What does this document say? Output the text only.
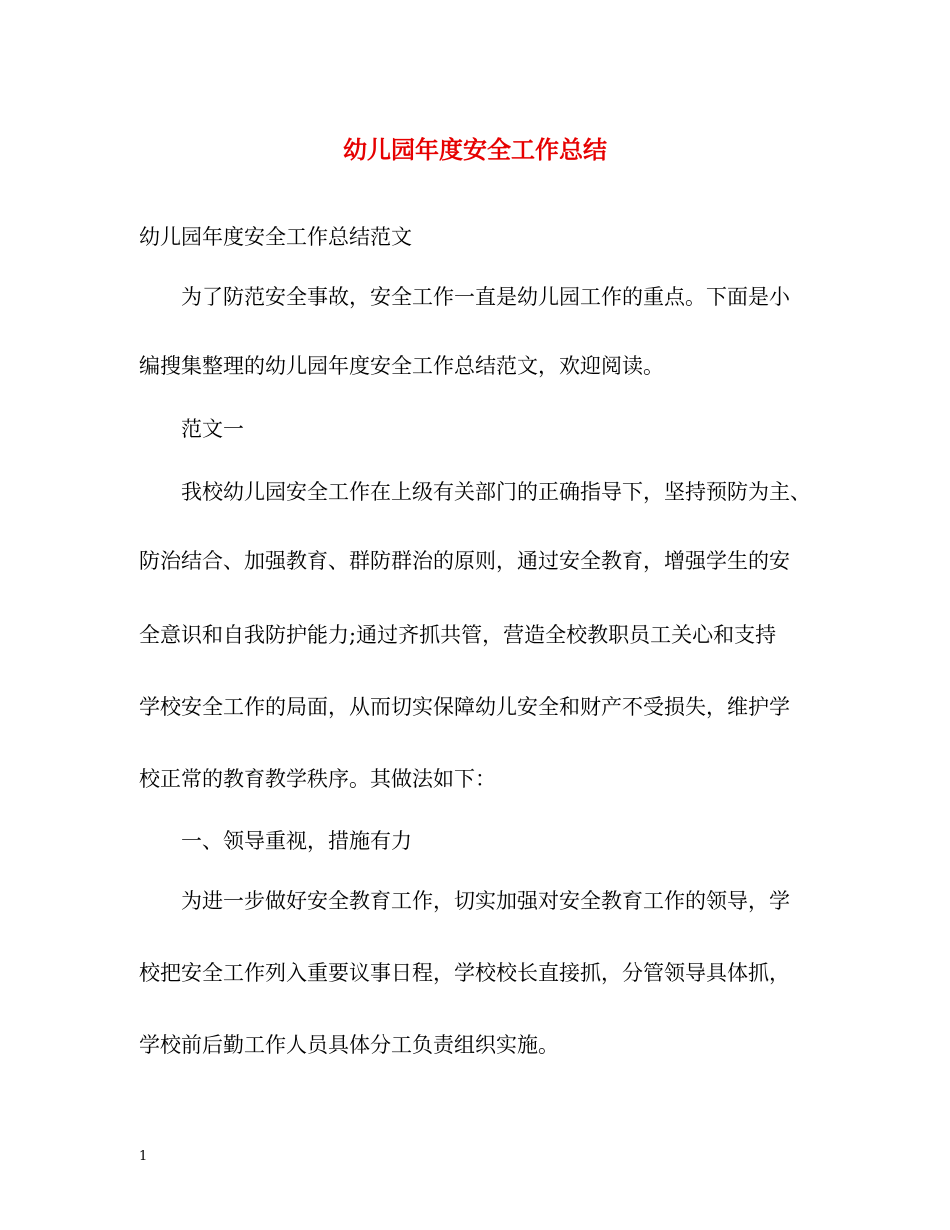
幼儿园年度安全工作总结

幼儿园年度安全工作总结范文

为了防范安全事故，安全工作一直是幼儿园工作的重点。下面是小

编搜集整理的幼儿园年度安全工作总结范文，欢迎阅读。

范文一

我校幼儿园安全工作在上级有关部门的正确指导下，坚持预防为主、

防治结合、加强教育、群防群治的原则，通过安全教育，增强学生的安

全意识和自我防护能力;通过齐抓共管，营造全校教职员工关心和支持

学校安全工作的局面，从而切实保障幼儿安全和财产不受损失，维护学

校正常的教育教学秩序。其做法如下：

一、领导重视，措施有力

为进一步做好安全教育工作，切实加强对安全教育工作的领导，学

校把安全工作列入重要议事日程，学校校长直接抓，分管领导具体抓，

学校前后勤工作人员具体分工负责组织实施。

1
